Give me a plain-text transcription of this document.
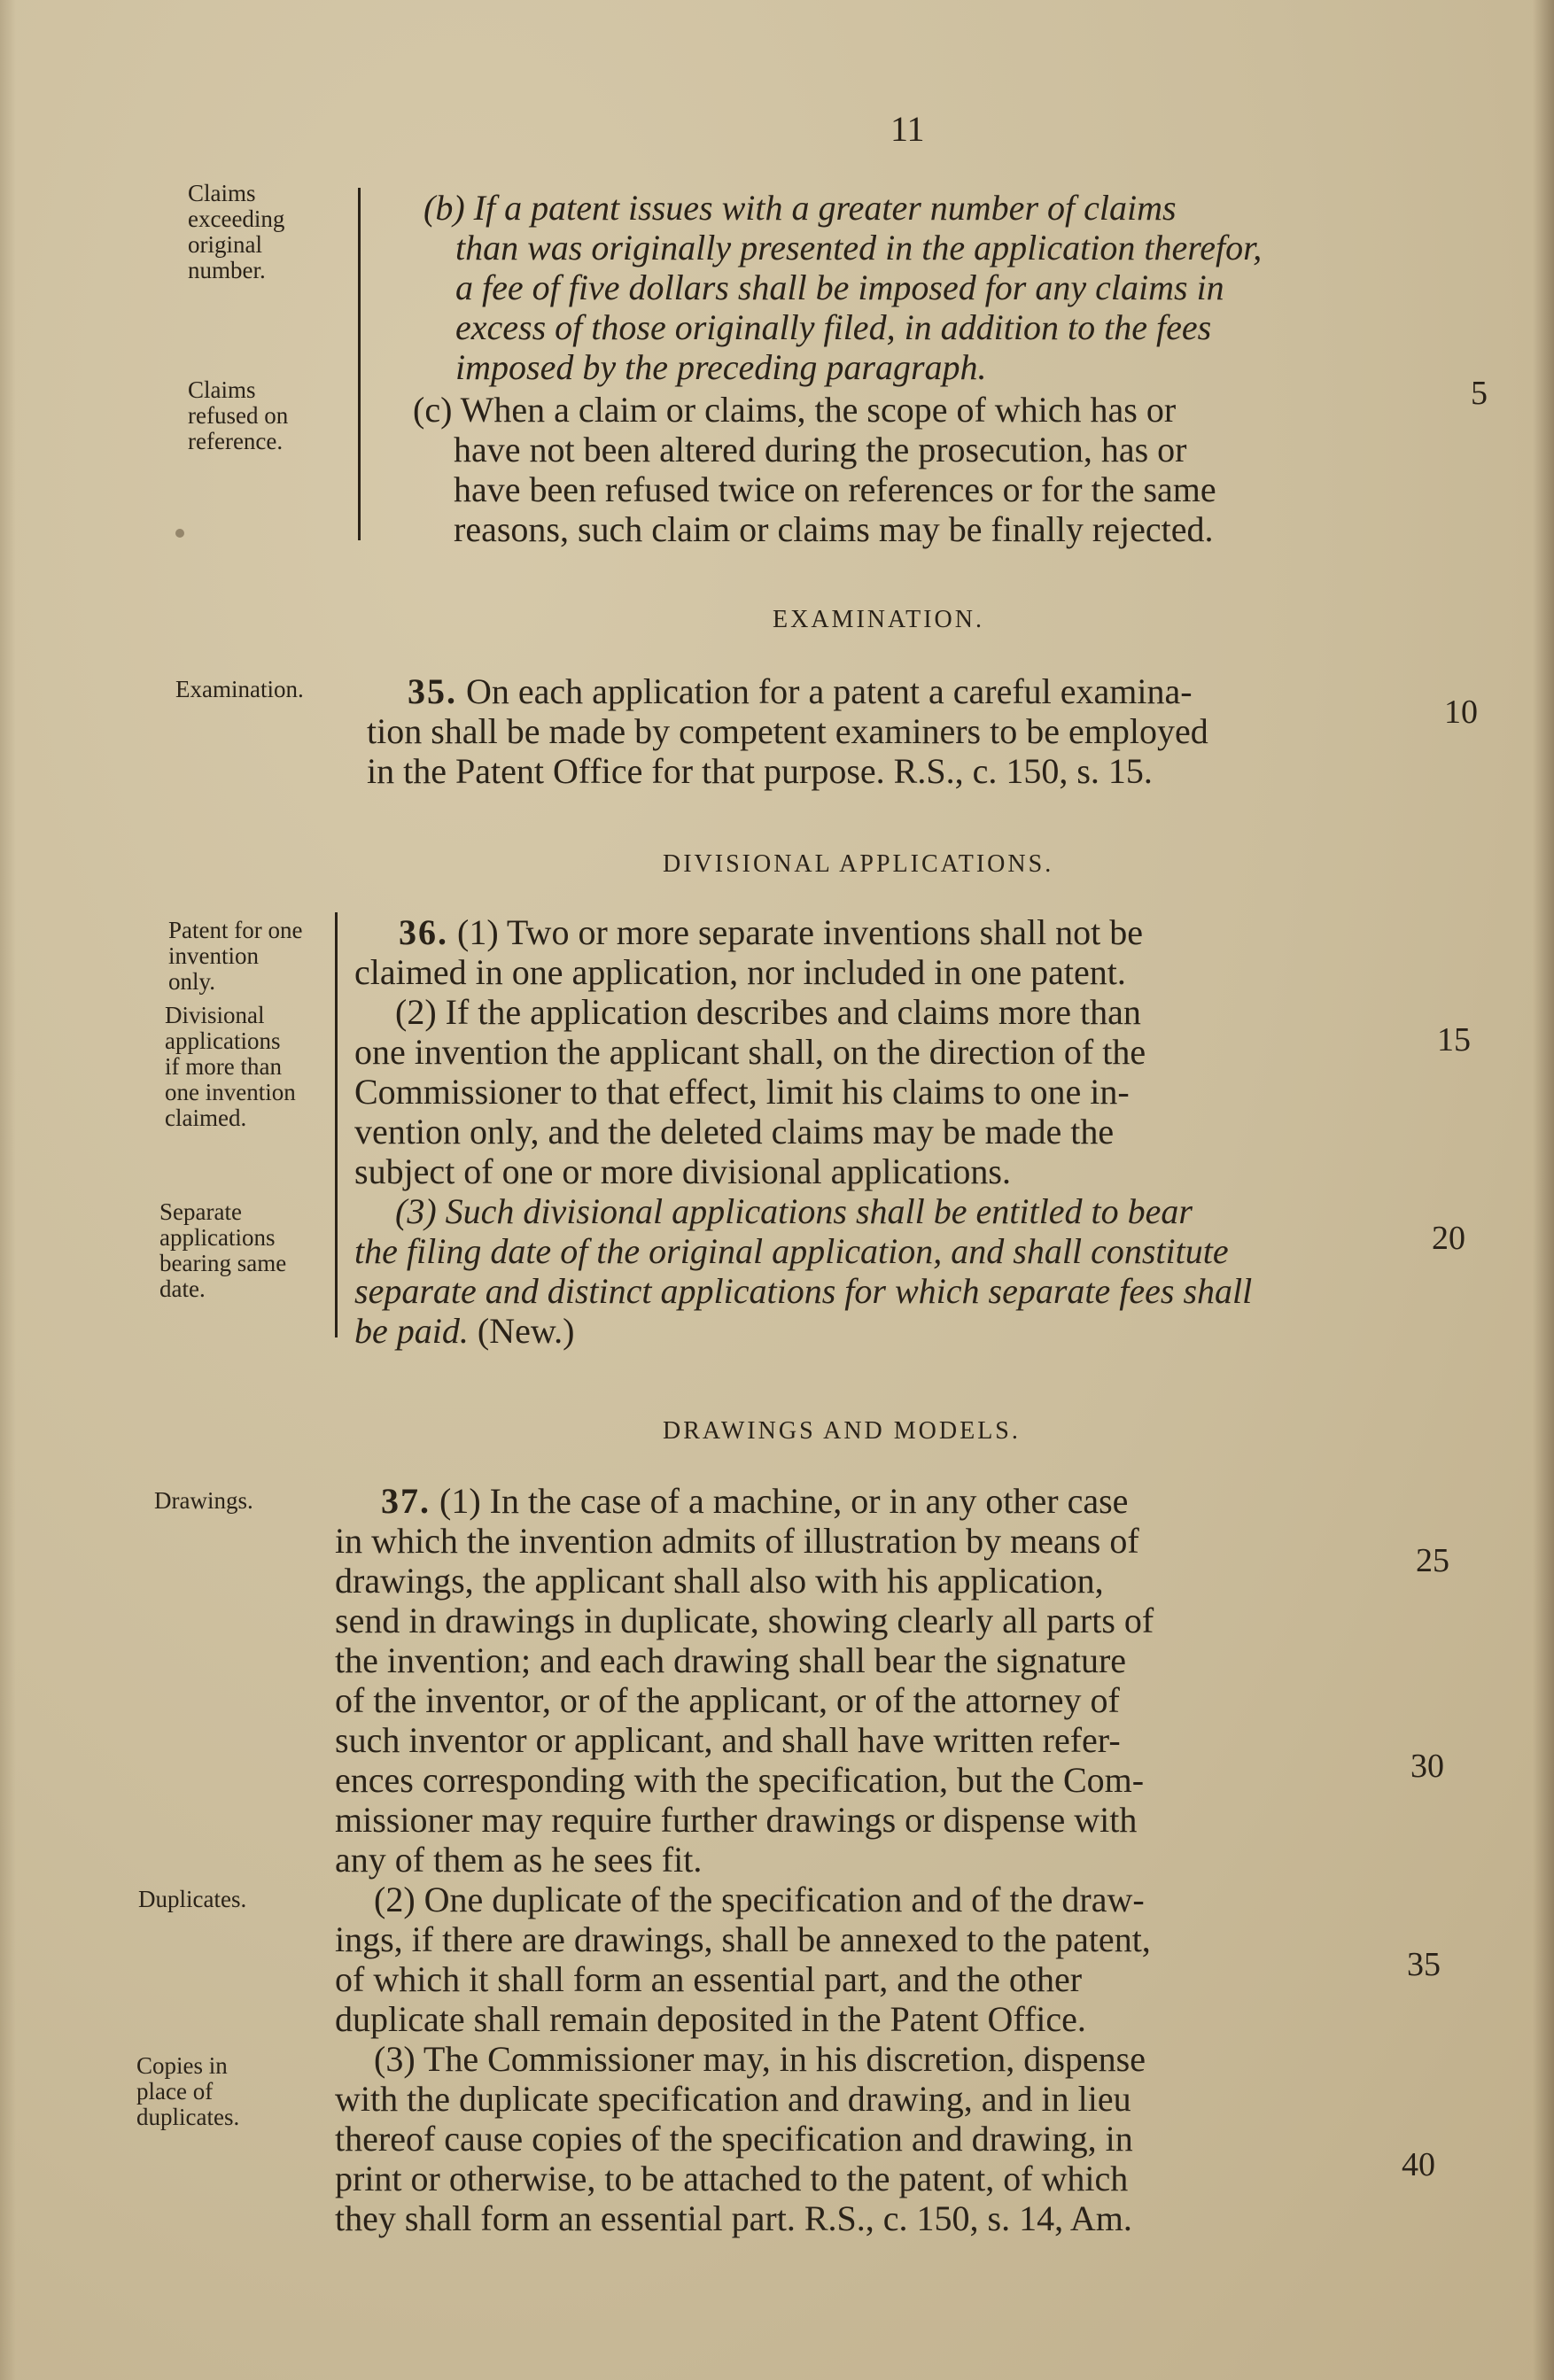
11
Claims
exceeding
original
number.
Claims
refused on
reference.
Examination.
Patent for one
invention
only.
Divisional
applications
if more than
one invention
claimed.
Separate
applications
bearing same
date.
Drawings.
Duplicates.
Copies in
place of
duplicates.
(b) If a patent issues with a greater number of claims
than was originally presented in the application therefor,
a fee of five dollars shall be imposed for any claims in
excess of those originally filed, in addition to the fees
imposed by the preceding paragraph.
(c) When a claim or claims, the scope of which has or
have not been altered during the prosecution, has or
have been refused twice on references or for the same
reasons, such claim or claims may be finally rejected.
EXAMINATION.
35. On each application for a patent a careful examina-
tion shall be made by competent examiners to be employed
in the Patent Office for that purpose. R.S., c. 150, s. 15.
DIVISIONAL APPLICATIONS.
36. (1) Two or more separate inventions shall not be
claimed in one application, nor included in one patent.
(2) If the application describes and claims more than
one invention the applicant shall, on the direction of the
Commissioner to that effect, limit his claims to one in-
vention only, and the deleted claims may be made the
subject of one or more divisional applications.
(3) Such divisional applications shall be entitled to bear
the filing date of the original application, and shall constitute
separate and distinct applications for which separate fees shall
be paid. (New.)
DRAWINGS AND MODELS.
37. (1) In the case of a machine, or in any other case
in which the invention admits of illustration by means of
drawings, the applicant shall also with his application,
send in drawings in duplicate, showing clearly all parts of
the invention; and each drawing shall bear the signature
of the inventor, or of the applicant, or of the attorney of
such inventor or applicant, and shall have written refer-
ences corresponding with the specification, but the Com-
missioner may require further drawings or dispense with
any of them as he sees fit.
(2) One duplicate of the specification and of the draw-
ings, if there are drawings, shall be annexed to the patent,
of which it shall form an essential part, and the other
duplicate shall remain deposited in the Patent Office.
(3) The Commissioner may, in his discretion, dispense
with the duplicate specification and drawing, and in lieu
thereof cause copies of the specification and drawing, in
print or otherwise, to be attached to the patent, of which
they shall form an essential part. R.S., c. 150, s. 14, Am.
5
10
15
20
25
30
35
40
